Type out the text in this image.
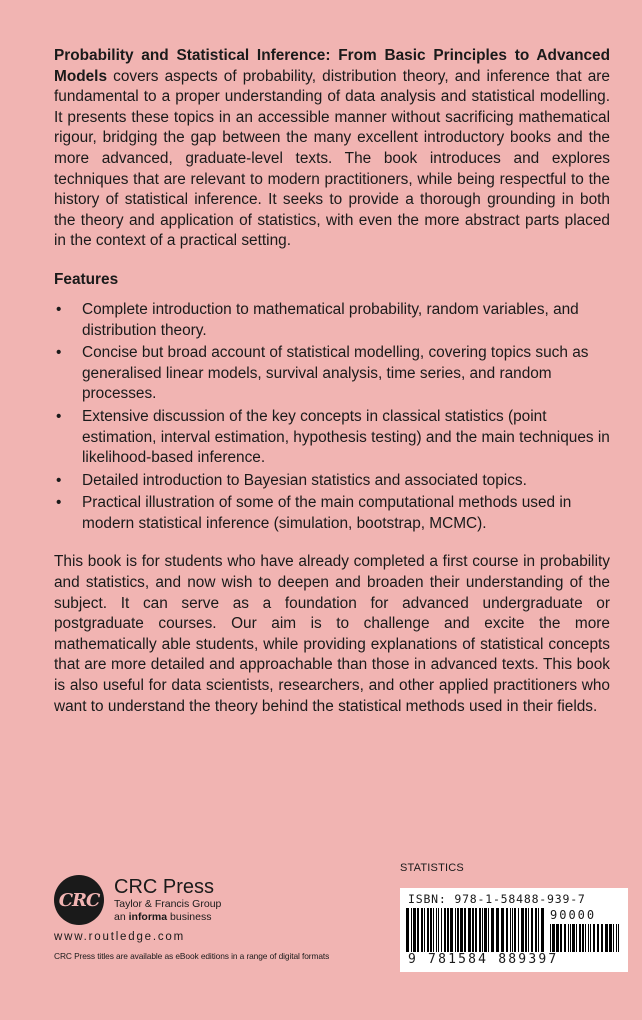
Probability and Statistical Inference: From Basic Principles to Advanced Models covers aspects of probability, distribution theory, and inference that are fundamental to a proper understanding of data analysis and statistical modelling. It presents these topics in an accessible manner without sacrificing mathematical rigour, bridging the gap between the many excellent introductory books and the more advanced, graduate-level texts. The book introduces and explores techniques that are relevant to modern practitioners, while being respectful to the history of statistical inference. It seeks to provide a thorough grounding in both the theory and application of statistics, with even the more abstract parts placed in the context of a practical setting.

Features
• Complete introduction to mathematical probability, random variables, and distribution theory.
• Concise but broad account of statistical modelling, covering topics such as generalised linear models, survival analysis, time series, and random processes.
• Extensive discussion of the key concepts in classical statistics (point estimation, interval estimation, hypothesis testing) and the main techniques in likelihood-based inference.
• Detailed introduction to Bayesian statistics and associated topics.
• Practical illustration of some of the main computational methods used in modern statistical inference (simulation, bootstrap, MCMC).

This book is for students who have already completed a first course in probability and statistics, and now wish to deepen and broaden their understanding of the subject. It can serve as a foundation for advanced undergraduate or postgraduate courses. Our aim is to challenge and excite the more mathematically able students, while providing explanations of statistical concepts that are more detailed and approachable than those in advanced texts. This book is also useful for data scientists, researchers, and other applied practitioners who want to understand the theory behind the statistical methods used in their fields.

CRC
CRC Press
Taylor & Francis Group
an informa business
www.routledge.com
CRC Press titles are available as eBook editions in a range of digital formats
STATISTICS
ISBN: 978-1-58488-939-7
90000
9 781584 889397
